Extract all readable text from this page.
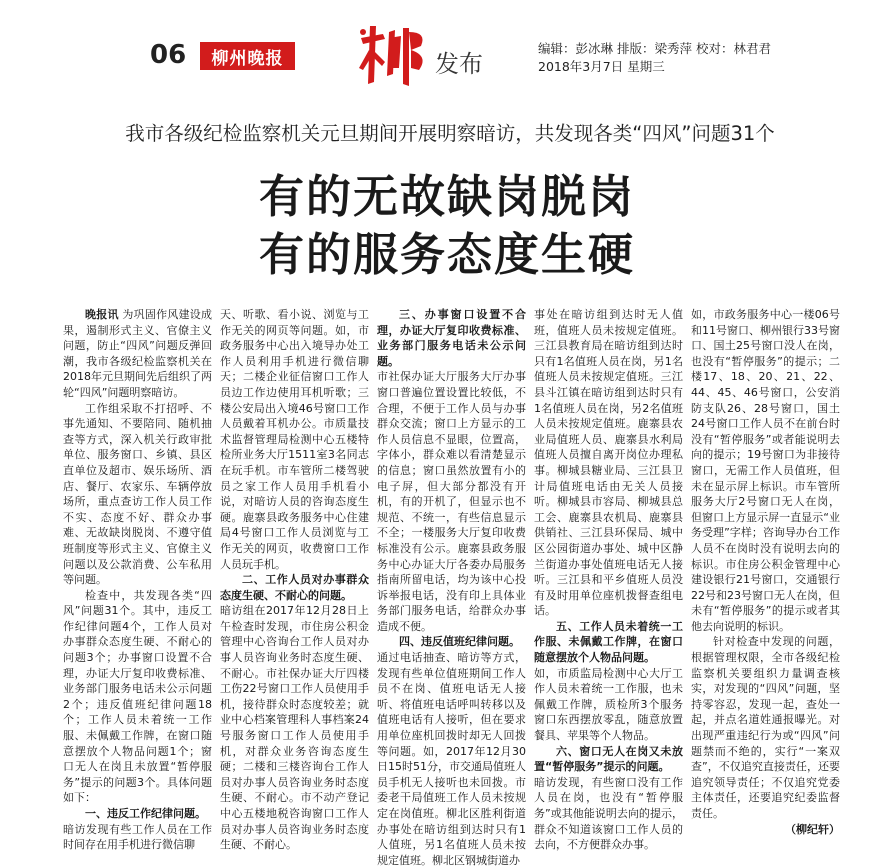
06	柳州晚报	发布
编辑：彭冰琳 排版：梁秀萍 校对：林君君
2018年3月7日 星期三
我市各级纪检监察机关元旦期间开展明察暗访，共发现各类“四风”问题31个
有的无故缺岗脱岗
有的服务态度生硬

晚报讯 为巩固作风建设成果，遏制形式主义、官僚主义问题，防止“四风”问题反弹回潮，我市各级纪检监察机关在2018年元旦期间先后组织了两轮“四风”问题明察暗访。

工作组采取不打招呼、不事先通知、不要陪同、随机抽查等方式，深入机关行政审批单位、服务窗口、乡镇、县区直单位及超市、娱乐场所、酒店、餐厅、农家乐、车辆停放场所，重点查访工作人员工作不实、态度不好、群众办事难、无故缺岗脱岗、不遵守值班制度等形式主义、官僚主义问题以及公款消费、公车私用等问题。

检查中，共发现各类“四风”问题31个。其中，违反工作纪律问题4个，工作人员对办事群众态度生硬、不耐心的问题3个；办事窗口设置不合理，办证大厅复印收费标准、业务部门服务电话未公示问题2个；违反值班纪律问题18个；工作人员未着统一工作服、未佩戴工作牌，在窗口随意摆放个人物品问题1个；窗口无人在岗且未放置“暂停服务”提示的问题3个。具体问题如下：

一、违反工作纪律问题。

暗访发现有些工作人员在工作时间存在用手机进行微信聊

天、听歌、看小说、浏览与工作无关的网页等问题。如，市政务服务中心出入境导办处工作人员利用手机进行微信聊天；二楼企业征信窗口工作人员边工作边使用耳机听歌；三楼公安局出入境46号窗口工作人员戴着耳机办公。市质量技术监督管理局检测中心五楼特检所业务大厅1511室3名同志在玩手机。市车管所二楼驾驶员之家工作人员用手机看小说，对暗访人员的咨询态度生硬。鹿寨县政务服务中心住建局4号窗口工作人员浏览与工作无关的网页，收费窗口工作人员玩手机。

二、工作人员对办事群众态度生硬、不耐心的问题。

暗访组在2017年12月28日上午检查时发现，市住房公积金管理中心咨询台工作人员对办事人员咨询业务时态度生硬、不耐心。市社保办证大厅四楼工伤22号窗口工作人员使用手机，接待群众时态度较差；就业中心档案管理科人事档案24号服务窗口工作人员使用手机，对群众业务咨询态度生硬；二楼和三楼咨询台工作人员对办事人员咨询业务时态度生硬、不耐心。市不动产登记中心五楼地税咨询窗口工作人员对办事人员咨询业务时态度生硬、不耐心。

三、办事窗口设置不合理，办证大厅复印收费标准、业务部门服务电话未公示问题。

市社保办证大厅服务大厅办事窗口普遍位置设置比较低，不合理，不便于工作人员与办事群众交流；窗口上方显示的工作人员信息不显眼，位置高，字体小，群众难以看清楚显示的信息；窗口虽然放置有小的电子屏，但大部分都没有开机，有的开机了，但显示也不规范、不统一，有些信息显示不全；一楼服务大厅复印收费标准没有公示。鹿寨县政务服务中心办证大厅各委办局服务指南所留电话，均为该中心投诉举报电话，没有印上具体业务部门服务电话，给群众办事造成不便。

四、违反值班纪律问题。

通过电话抽查、暗访等方式，发现有些单位值班期间工作人员不在岗、值班电话无人接听、将值班电话呼叫转移以及值班电话有人接听，但在要求用单位座机回拨时却无人回拨等问题。如，2017年12月30日15时51分，市交通局值班人员手机无人接听也未回拨。市委老干局值班工作人员未按规定在岗值班。柳北区胜利街道办事处在暗访组到达时只有1人值班，另1名值班人员未按规定值班。柳北区钢城街道办

事处在暗访组到达时无人值班，值班人员未按规定值班。三江县教育局在暗访组到达时只有1名值班人员在岗，另1名值班人员未按规定值班。三江县斗江镇在暗访组到达时只有1名值班人员在岗，另2名值班人员未按规定值班。鹿寨县农业局值班人员、鹿寨县水利局值班人员擅自离开岗位办理私事。柳城县糖业局、三江县卫计局值班电话由无关人员接听。柳城县市容局、柳城县总工会、鹿寨县农机局、鹿寨县供销社、三江县环保局、城中区公园街道办事处、城中区静兰街道办事处值班电话无人接听。三江县和平乡值班人员没有及时用单位座机拨督查组电话。

五、工作人员未着统一工作服、未佩戴工作牌，在窗口随意摆放个人物品问题。

如，市质监局检测中心大厅工作人员未着统一工作服，也未佩戴工作牌，质检所3个服务窗口东西摆放零乱，随意放置餐具、苹果等个人物品。

六、窗口无人在岗又未放置“暂停服务”提示的问题。

暗访发现，有些窗口没有工作人员在岗，也没有“暂停服务”或其他能说明去向的提示，群众不知道该窗口工作人员的去向，不方便群众办事。

如，市政务服务中心一楼06号和11号窗口、柳州银行33号窗口、国土25号窗口没人在岗，也没有“暂停服务”的提示；二楼17、18、20、21、22、44、45、46号窗口，公安消防支队26、28号窗口，国土24号窗口工作人员不在前台时没有“暂停服务”或者能说明去向的提示；19号窗口为非接待窗口，无需工作人员值班，但未在显示屏上标识。市车管所服务大厅2号窗口无人在岗，但窗口上方显示屏一直显示“业务受理”字样；咨询导办台工作人员不在岗时没有说明去向的标识。市住房公积金管理中心建设银行21号窗口，交通银行22号和23号窗口无人在岗，但未有“暂停服务”的提示或者其他去向说明的标识。

针对检查中发现的问题，根据管理权限，全市各级纪检监察机关要组织力量调查核实，对发现的“四风”问题，坚持零容忍，发现一起，查处一起，并点名道姓通报曝光。对出现严重违纪行为或“四风”问题禁而不绝的，实行“一案双查”，不仅追究直接责任，还要追究领导责任；不仅追究党委主体责任，还要追究纪委监督责任。

（柳纪轩）
